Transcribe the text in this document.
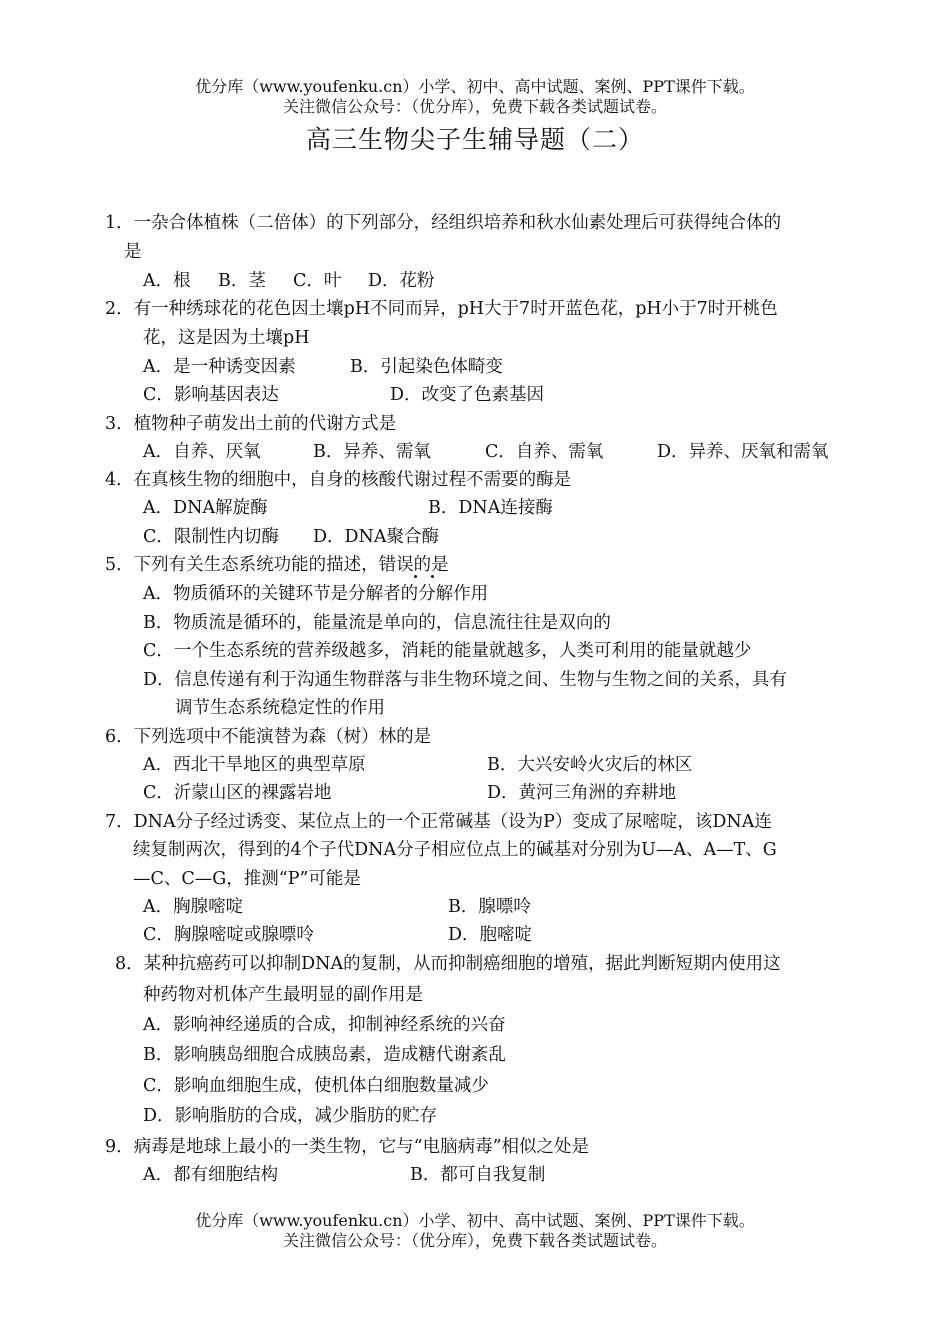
优分库（www.youfenku.cn）小学、初中、高中试题、案例、PPT课件下载。
关注微信公众号：（优分库），免费下载各类试题试卷。
高三生物尖子生辅导题（二）
1．一杂合体植株（二倍体）的下列部分，经组织培养和秋水仙素处理后可获得纯合体的
是
A．根 B．茎 C．叶 D．花粉
2．有一种绣球花的花色因土壤pH不同而异，pH大于7时开蓝色花，pH小于7时开桃色
花，这是因为土壤pH
A．是一种诱变因素	B．引起染色体畸变
C．影响基因表达	D．改变了色素基因
3．植物种子萌发出土前的代谢方式是
A．自养、厌氧	B．异养、需氧	C．自养、需氧	D．异养、厌氧和需氧
4．在真核生物的细胞中，自身的核酸代谢过程不需要的酶是
A．DNA解旋酶	B．DNA连接酶
C．限制性内切酶 D．DNA聚合酶
5．下列有关生态系统功能的描述，错误的是
A．物质循环的关键环节是分解者的分解作用
B．物质流是循环的，能量流是单向的，信息流往往是双向的
C．一个生态系统的营养级越多，消耗的能量就越多，人类可利用的能量就越少
D．信息传递有利于沟通生物群落与非生物环境之间、生物与生物之间的关系，具有
调节生态系统稳定性的作用
6．下列选项中不能演替为森（树）林的是
A．西北干旱地区的典型草原	B．大兴安岭火灾后的林区
C．沂蒙山区的裸露岩地	D．黄河三角洲的弃耕地
7．DNA分子经过诱变、某位点上的一个正常碱基（设为P）变成了尿嘧啶，该DNA连
续复制两次，得到的4个子代DNA分子相应位点上的碱基对分别为U—A、A—T、G
—C、C—G，推测“P”可能是
A．胸腺嘧啶	B．腺嘌呤
C．胸腺嘧啶或腺嘌呤	D．胞嘧啶
8．某种抗癌药可以抑制DNA的复制，从而抑制癌细胞的增殖，据此判断短期内使用这
种药物对机体产生最明显的副作用是
A．影响神经递质的合成，抑制神经系统的兴奋
B．影响胰岛细胞合成胰岛素，造成糖代谢紊乱
C．影响血细胞生成，使机体白细胞数量减少
D．影响脂肪的合成，减少脂肪的贮存
9．病毒是地球上最小的一类生物，它与“电脑病毒”相似之处是
A．都有细胞结构	B．都可自我复制
优分库（www.youfenku.cn）小学、初中、高中试题、案例、PPT课件下载。
关注微信公众号：（优分库），免费下载各类试题试卷。
